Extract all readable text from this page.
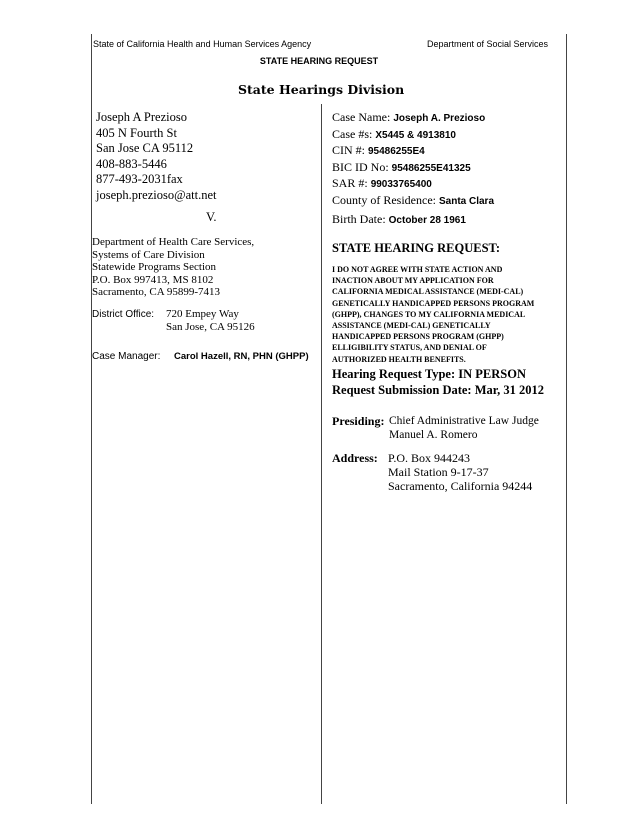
State of California Health and Human Services Agency	Department of Social Services
STATE HEARING REQUEST
State Hearings Division
Joseph A Prezioso
405 N Fourth St
San Jose CA 95112
408-883-5446
877-493-2031fax
joseph.prezioso@att.net
V.
Department of Health Care Services,
Systems of Care Division
Statewide Programs Section
P.O. Box 997413, MS 8102
Sacramento, CA 95899-7413
District Office: 720 Empey Way
San Jose, CA 95126
Case Manager: Carol Hazell, RN, PHN (GHPP)
Case Name: Joseph A. Prezioso
Case #s: X5445 & 4913810
CIN #: 95486255E4
BIC ID No: 95486255E41325
SAR #: 99033765400
County of Residence: Santa Clara
Birth Date: October 28 1961
STATE HEARING REQUEST:
I DO NOT AGREE WITH STATE ACTION AND
INACTION ABOUT MY APPLICATION FOR
CALIFORNIA MEDICAL ASSISTANCE (MEDI-CAL)
GENETICALLY HANDICAPPED PERSONS PROGRAM
(GHPP), CHANGES TO MY CALIFORNIA MEDICAL
ASSISTANCE (MEDI-CAL) GENETICALLY
HANDICAPPED PERSONS PROGRAM (GHPP)
ELLIGIBILITY STATUS, AND DENIAL OF
AUTHORIZED HEALTH BENEFITS.
Hearing Request Type: IN PERSON
Request Submission Date: Mar, 31 2012
Presiding: Chief Administrative Law Judge
Manuel A. Romero
Address: P.O. Box 944243
Mail Station 9-17-37
Sacramento, California 94244
